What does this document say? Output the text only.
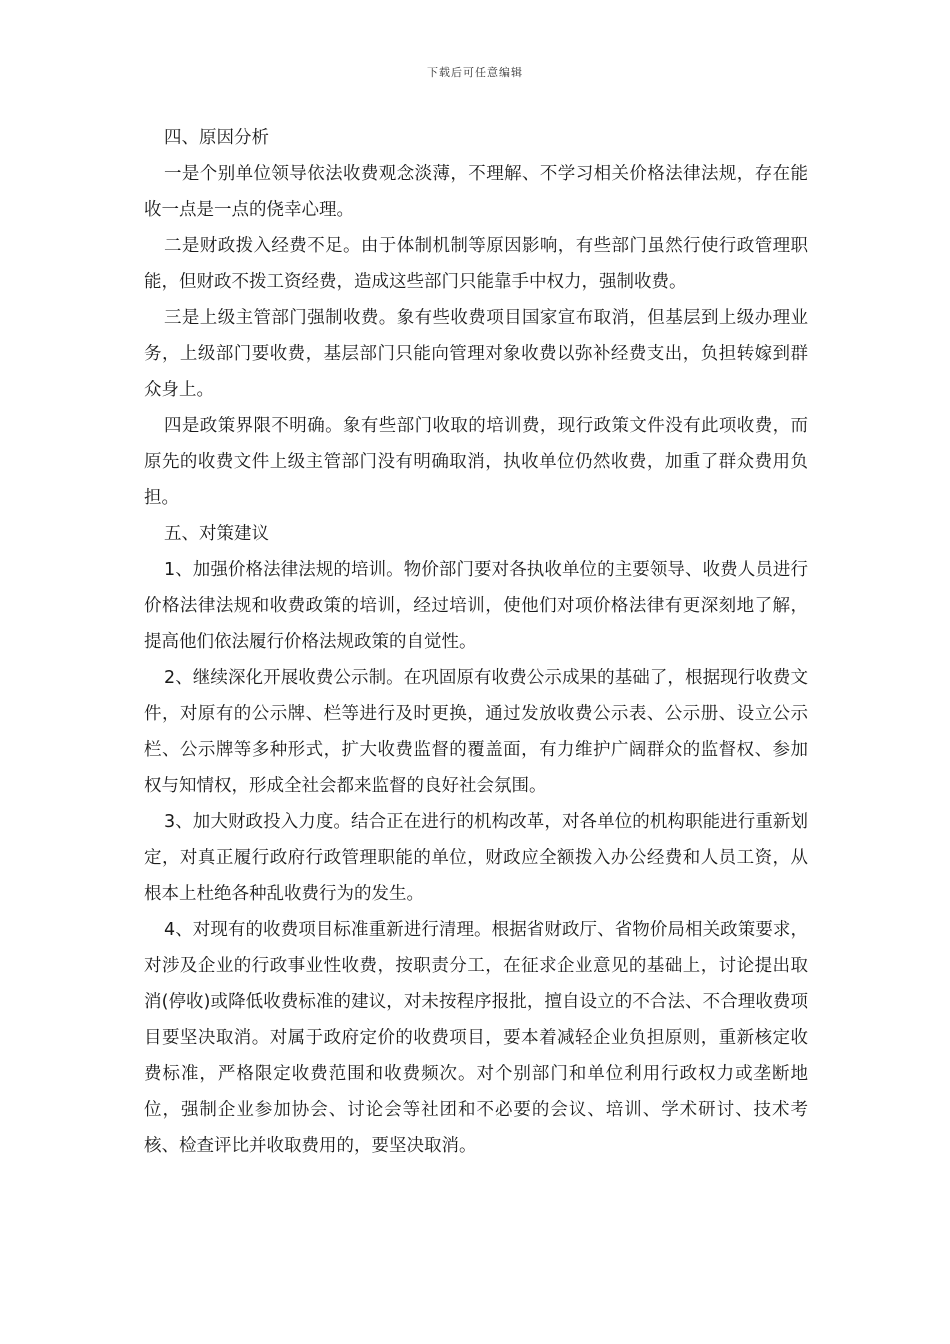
下载后可任意编辑

四、原因分析

一是个别单位领导依法收费观念淡薄，不理解、不学习相关价格法律法规，存在能收一点是一点的侥幸心理。

二是财政拨入经费不足。由于体制机制等原因影响，有些部门虽然行使行政管理职能，但财政不拨工资经费，造成这些部门只能靠手中权力，强制收费。

三是上级主管部门强制收费。象有些收费项目国家宣布取消，但基层到上级办理业务，上级部门要收费，基层部门只能向管理对象收费以弥补经费支出，负担转嫁到群众身上。

四是政策界限不明确。象有些部门收取的培训费，现行政策文件没有此项收费，而原先的收费文件上级主管部门没有明确取消，执收单位仍然收费，加重了群众费用负担。

五、对策建议

1、加强价格法律法规的培训。物价部门要对各执收单位的主要领导、收费人员进行价格法律法规和收费政策的培训，经过培训，使他们对项价格法律有更深刻地了解，提高他们依法履行价格法规政策的自觉性。

2、继续深化开展收费公示制。在巩固原有收费公示成果的基础了，根据现行收费文件，对原有的公示牌、栏等进行及时更换，通过发放收费公示表、公示册、设立公示栏、公示牌等多种形式，扩大收费监督的覆盖面，有力维护广阔群众的监督权、参加权与知情权，形成全社会都来监督的良好社会氛围。

3、加大财政投入力度。结合正在进行的机构改革，对各单位的机构职能进行重新划定，对真正履行政府行政管理职能的单位，财政应全额拨入办公经费和人员工资，从根本上杜绝各种乱收费行为的发生。

4、对现有的收费项目标准重新进行清理。根据省财政厅、省物价局相关政策要求，对涉及企业的行政事业性收费，按职责分工，在征求企业意见的基础上，讨论提出取消(停收)或降低收费标准的建议，对未按程序报批，擅自设立的不合法、不合理收费项目要坚决取消。对属于政府定价的收费项目，要本着减轻企业负担原则，重新核定收费标准，严格限定收费范围和收费频次。对个别部门和单位利用行政权力或垄断地位，强制企业参加协会、讨论会等社团和不必要的会议、培训、学术研讨、技术考核、检查评比并收取费用的，要坚决取消。
